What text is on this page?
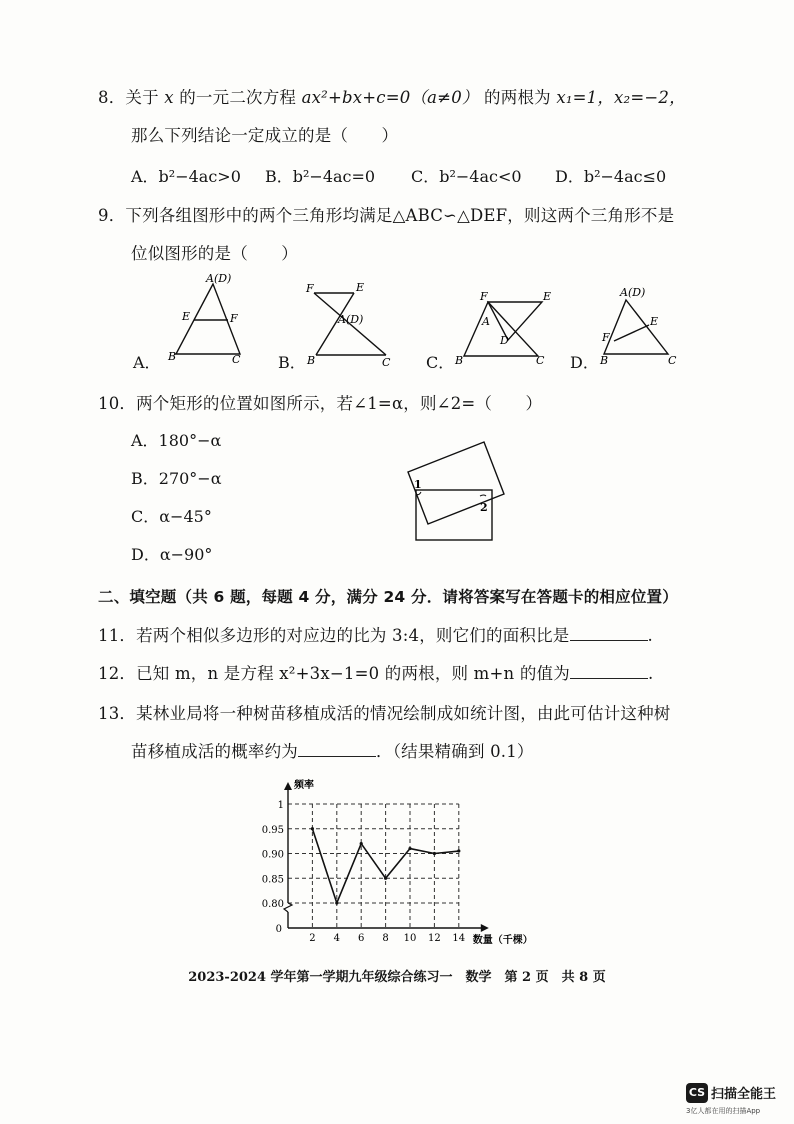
8．关于 x 的一元二次方程 ax²+bx+c=0（a≠0） 的两根为 x₁=1，x₂=−2，
那么下列结论一定成立的是（　　）
A．b²−4ac>0 B．b²−4ac=0 C．b²−4ac<0 D．b²−4ac≤0
9．下列各组图形中的两个三角形均满足△ABC∽△DEF，则这两个三角形不是
位似图形的是（　　）
A．
A(D)
E	F
B	C B．
F	E
A(D)
B	C C．
F	E
A
D
B	C D．
A(D)
E
F
B	C
10．两个矩形的位置如图所示，若∠1=α，则∠2=（　　）
A．180°−α
B．270°−α
C．α−45°
D．α−90°
1
2
二、填空题（共 6 题，每题 4 分，满分 24 分．请将答案写在答题卡的相应位置）
11．若两个相似多边形的对应边的比为 3:4，则它们的面积比是	.
12．已知 m，n 是方程 x²+3x−1=0 的两根，则 m+n 的值为	.
13．某林业局将一种树苗移植成活的情况绘制成如统计图，由此可估计这种树
苗移植成活的概率约为	．（结果精确到 0.1）
1
0.95
0.90
0.85
0.80
2 4 6 8 10 12 14
0
频率
数量（千棵）
2023-2024 学年第一学期九年级综合练习一　数学　第 2 页　共 8 页
CS 扫描全能王
3亿人都在用的扫描App
